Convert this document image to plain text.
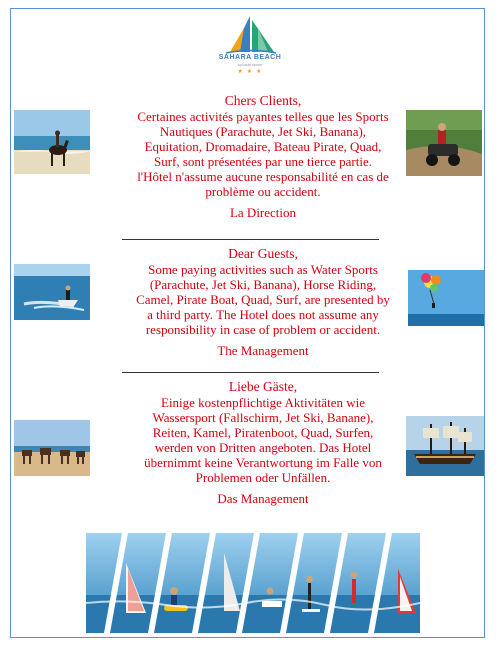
SAHARA BEACH
AQUAPARK RESORT
★ ★ ★
Chers Clients,
Certaines activités payantes telles que les Sports
Nautiques (Parachute, Jet Ski, Banana),
Equitation, Dromadaire, Bateau Pirate, Quad,
Surf, sont présentées par une tierce partie.
l'Hôtel n'assume aucune responsabilité en cas de
problème ou accident.
La Direction
Dear Guests,
Some paying activities such as Water Sports
(Parachute, Jet Ski, Banana), Horse Riding,
Camel, Pirate Boat, Quad, Surf, are presented by
a third party. The Hotel does not assume any
responsibility in case of problem or accident.
The Management
Liebe Gäste,
Einige kostenpflichtige Aktivitäten wie
Wassersport (Fallschirm, Jet Ski, Banane),
Reiten, Kamel, Piratenboot, Quad, Surfen,
werden von Dritten angeboten. Das Hotel
übernimmt keine Verantwortung im Falle von
Problemen oder Unfällen.
Das Management
